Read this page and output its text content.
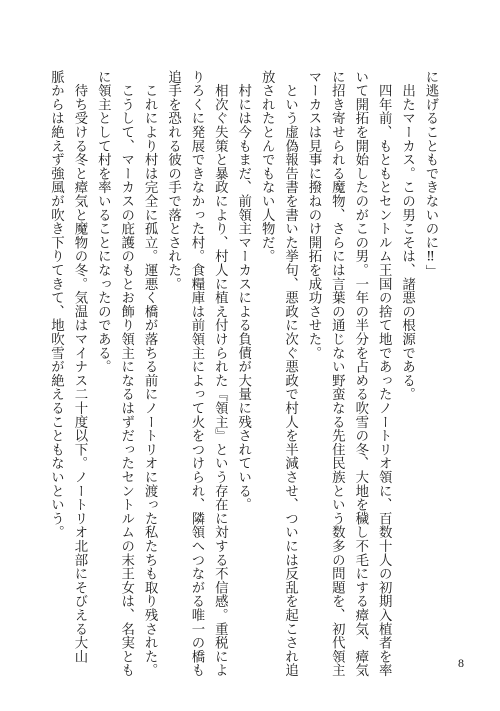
に逃げることもできないのに‼」
　出たマーカス。この男こそは、諸悪の根源である。
　四年前、もともとセントルム王国の捨て地であったノートリオ領に、百数十人の初期入植者を率
いて開拓を開始したのがこの男。一年の半分を占める吹雪の冬、大地を穢し不毛にする瘴気、瘴気
に招き寄せられる魔物、さらには言葉の通じない野蛮なる先住民族という数多の問題を、初代領主
マーカスは見事に撥ねのけ開拓を成功させた。
　という虚偽報告書を書いた挙句、悪政に次ぐ悪政で村人を半減させ、ついには反乱を起こされ追
放されたとんでもない人物だ。
　村には今もまだ、前領主マーカスによる負債が大量に残されている。
　相次ぐ失策と暴政により、村人に植え付けられた『領主』という存在に対する不信感。重税によ
りろくに発展できなかった村。食糧庫は前領主によって火をつけられ、隣領へつながる唯一の橋も
追手を恐れる彼の手で落とされた。
　これにより村は完全に孤立。運悪く橋が落ちる前にノートリオに渡った私たちも取り残された。
　こうして、マーカスの庇護のもとお飾り領主になるはずだったセントルムの末王女は、名実とも
に領主として村を率いることになったのである。
　待ち受ける冬と瘴気と魔物の冬。気温はマイナス二十度以下。ノートリオ北部にそびえる大山
脈からは絶えず強風が吹き下りてきて、地吹雪が絶えることもないという。
8
